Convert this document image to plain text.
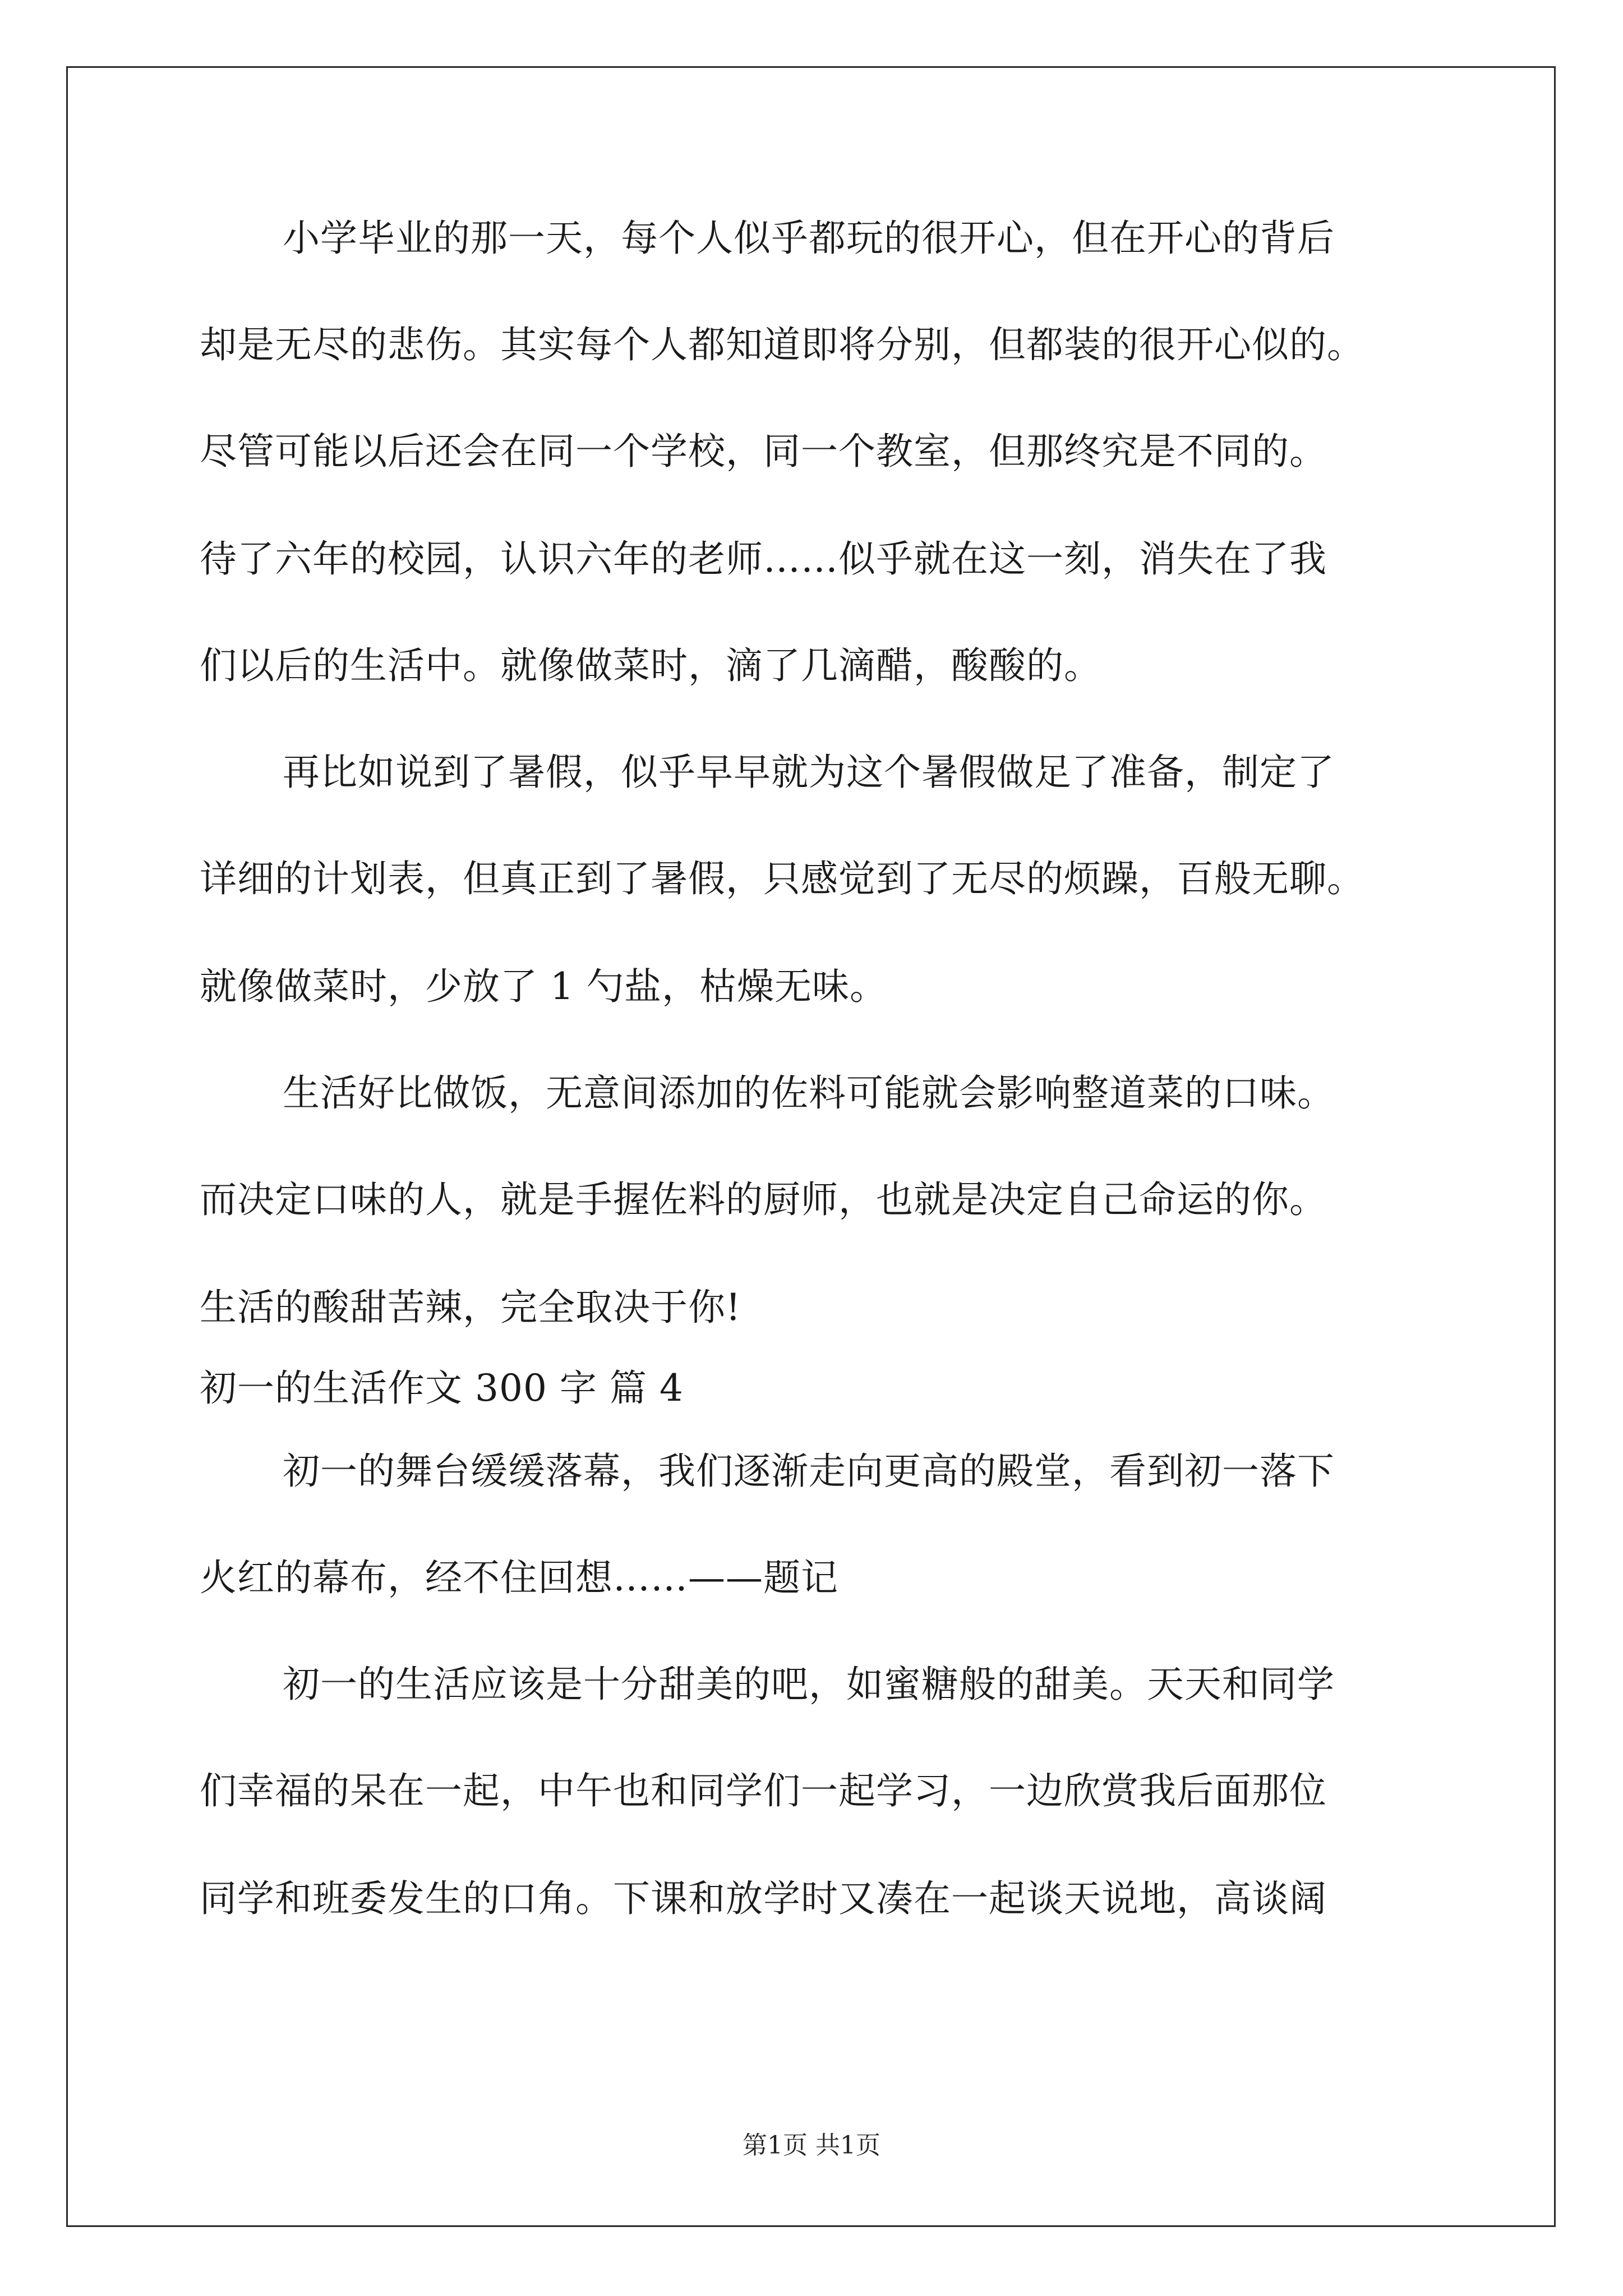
小学毕业的那一天，每个人似乎都玩的很开心，但在开心的背后
却是无尽的悲伤。其实每个人都知道即将分别，但都装的很开心似的。
尽管可能以后还会在同一个学校，同一个教室，但那终究是不同的。
待了六年的校园，认识六年的老师……似乎就在这一刻，消失在了我
们以后的生活中。就像做菜时，滴了几滴醋，酸酸的。
再比如说到了暑假，似乎早早就为这个暑假做足了准备，制定了
详细的计划表，但真正到了暑假，只感觉到了无尽的烦躁，百般无聊。
就像做菜时，少放了 1 勺盐，枯燥无味。
生活好比做饭，无意间添加的佐料可能就会影响整道菜的口味。
而决定口味的人，就是手握佐料的厨师，也就是决定自己命运的你。
生活的酸甜苦辣，完全取决于你!
初一的生活作文 300 字 篇 4
初一的舞台缓缓落幕，我们逐渐走向更高的殿堂，看到初一落下
火红的幕布，经不住回想……——题记
初一的生活应该是十分甜美的吧，如蜜糖般的甜美。天天和同学
们幸福的呆在一起，中午也和同学们一起学习，一边欣赏我后面那位
同学和班委发生的口角。下课和放学时又凑在一起谈天说地，高谈阔
第1页 共1页
